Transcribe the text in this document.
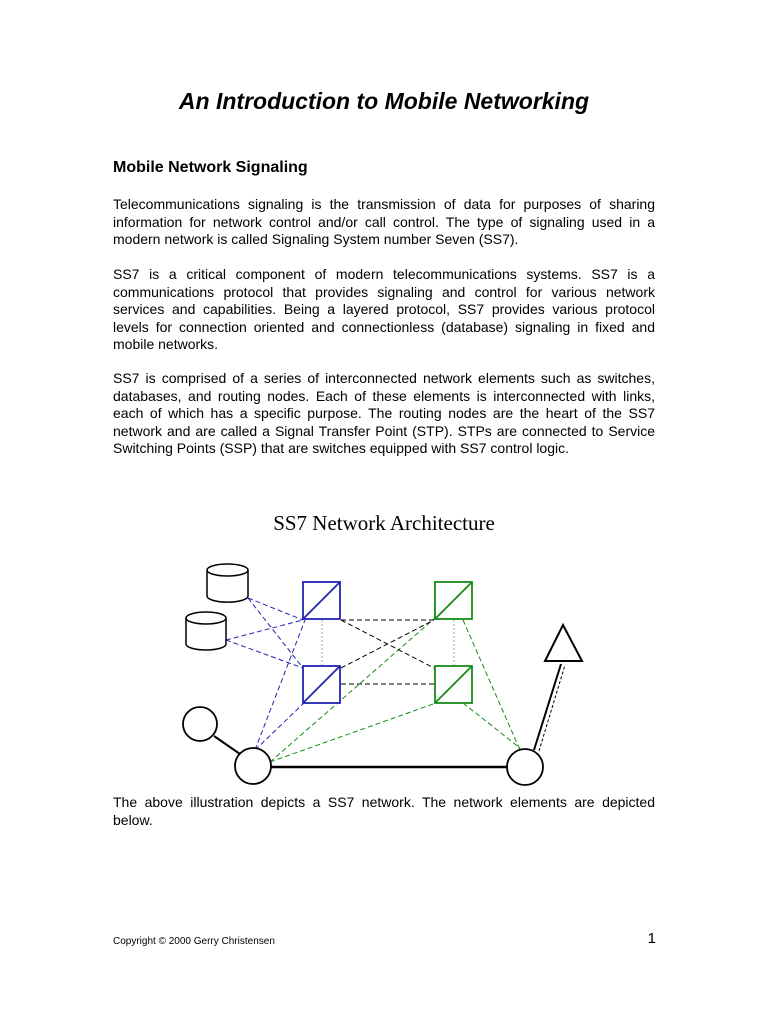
An Introduction to Mobile Networking
Mobile Network Signaling

Telecommunications signaling is the transmission of data for purposes of sharing information for network control and/or call control. The type of signaling used in a modern network is called Signaling System number Seven (SS7).

SS7 is a critical component of modern telecommunications systems. SS7 is a communications protocol that provides signaling and control for various network services and capabilities. Being a layered protocol, SS7 provides various protocol levels for connection oriented and connectionless (database) signaling in fixed and mobile networks.

SS7 is comprised of a series of interconnected network elements such as switches, databases, and routing nodes. Each of these elements is interconnected with links, each of which has a specific purpose. The routing nodes are the heart of the SS7 network and are called a Signal Transfer Point (STP). STPs are connected to Service Switching Points (SSP) that are switches equipped with SS7 control logic.

SS7 Network Architecture

The above illustration depicts a SS7 network. The network elements are depicted below.

Copyright © 2000 Gerry Christensen	1
